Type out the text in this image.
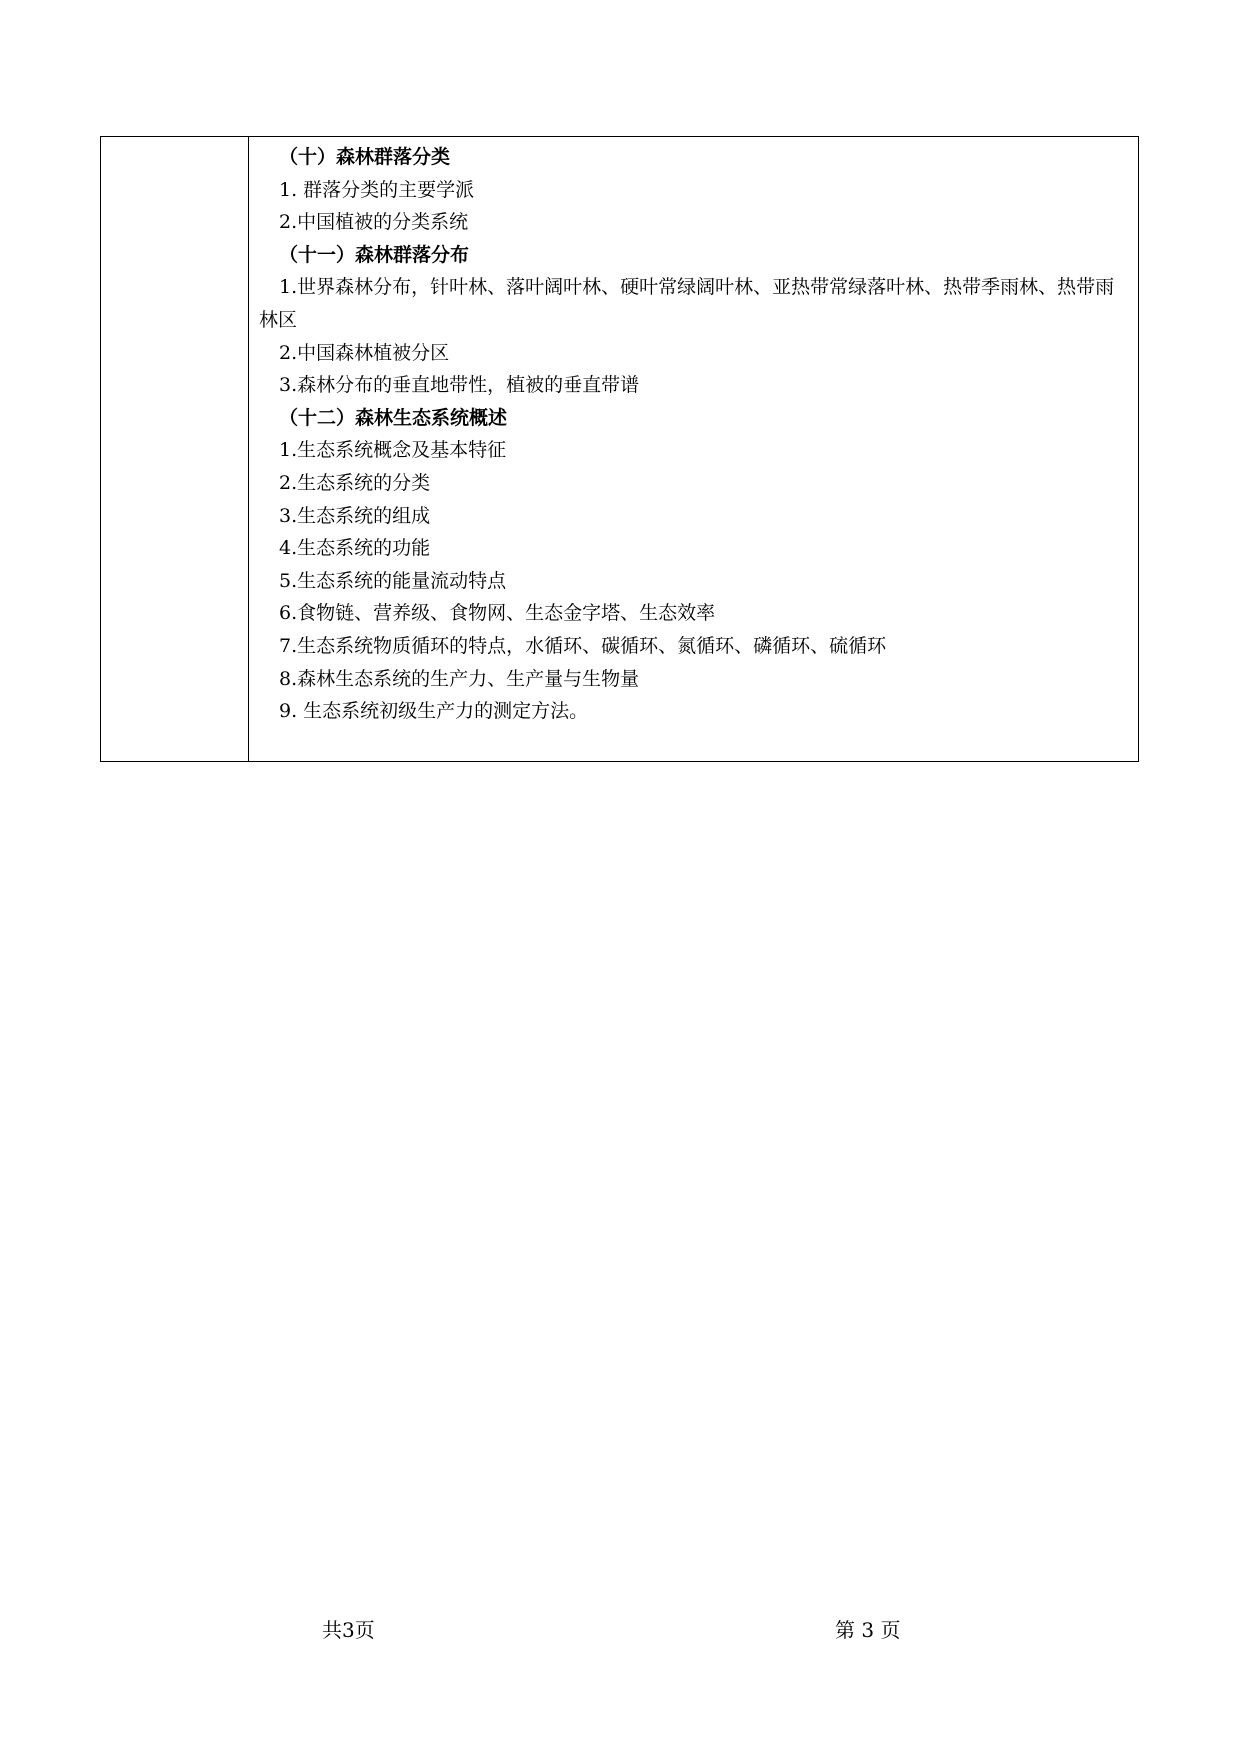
（十）森林群落分类
1. 群落分类的主要学派
2.中国植被的分类系统
（十一）森林群落分布
1.世界森林分布，针叶林、落叶阔叶林、硬叶常绿阔叶林、亚热带常绿落叶林、热带季雨林、热带雨林区
2.中国森林植被分区
3.森林分布的垂直地带性，植被的垂直带谱
（十二）森林生态系统概述
1.生态系统概念及基本特征
2.生态系统的分类
3.生态系统的组成
4.生态系统的功能
5.生态系统的能量流动特点
6.食物链、营养级、食物网、生态金字塔、生态效率
7.生态系统物质循环的特点，水循环、碳循环、氮循环、磷循环、硫循环
8.森林生态系统的生产力、生产量与生物量
9. 生态系统初级生产力的测定方法。
共3页	第 3 页
